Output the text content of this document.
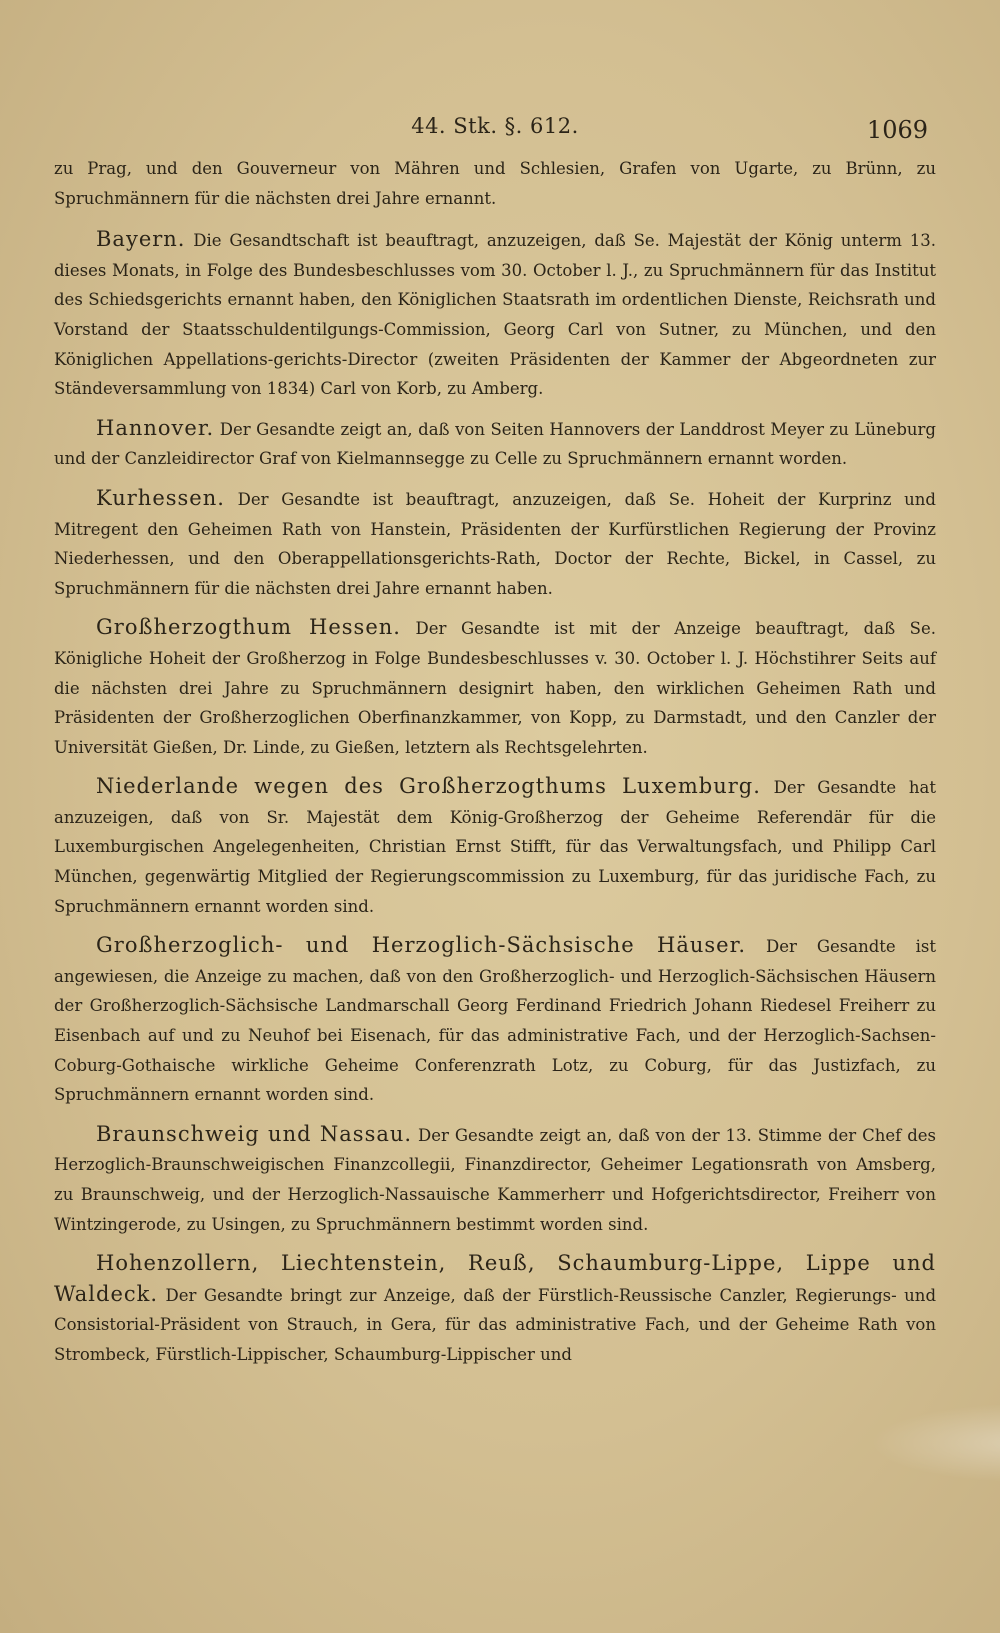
44. Stk. §. 612.	1069

zu Prag, und den Gouverneur von Mähren und Schlesien, Grafen von Ugarte, zu Brünn, zu Spruchmännern für die nächsten drei Jahre ernannt.

Bayern. Die Gesandtschaft ist beauftragt, anzuzeigen, daß Se. Majestät der König unterm 13. dieses Monats, in Folge des Bundesbeschlusses vom 30. October l. J., zu Spruchmännern für das Institut des Schiedsgerichts ernannt haben, den Königlichen Staatsrath im ordentlichen Dienste, Reichsrath und Vorstand der Staatsschuldentilgungs-Commission, Georg Carl von Sutner, zu München, und den Königlichen Appellations-gerichts-Director (zweiten Präsidenten der Kammer der Abgeordneten zur Ständeversammlung von 1834) Carl von Korb, zu Amberg.

Hannover. Der Gesandte zeigt an, daß von Seiten Hannovers der Landdrost Meyer zu Lüneburg und der Canzleidirector Graf von Kielmannsegge zu Celle zu Spruchmännern ernannt worden.

Kurhessen. Der Gesandte ist beauftragt, anzuzeigen, daß Se. Hoheit der Kurprinz und Mitregent den Geheimen Rath von Hanstein, Präsidenten der Kurfürstlichen Regierung der Provinz Niederhessen, und den Oberappellationsgerichts-Rath, Doctor der Rechte, Bickel, in Cassel, zu Spruchmännern für die nächsten drei Jahre ernannt haben.

Großherzogthum Hessen. Der Gesandte ist mit der Anzeige beauftragt, daß Se. Königliche Hoheit der Großherzog in Folge Bundesbeschlusses v. 30. October l. J. Höchstihrer Seits auf die nächsten drei Jahre zu Spruchmännern designirt haben, den wirklichen Geheimen Rath und Präsidenten der Großherzoglichen Oberfinanzkammer, von Kopp, zu Darmstadt, und den Canzler der Universität Gießen, Dr. Linde, zu Gießen, letztern als Rechtsgelehrten.

Niederlande wegen des Großherzogthums Luxemburg. Der Gesandte hat anzuzeigen, daß von Sr. Majestät dem König-Großherzog der Geheime Referendär für die Luxemburgischen Angelegenheiten, Christian Ernst Stifft, für das Verwaltungsfach, und Philipp Carl München, gegenwärtig Mitglied der Regierungscommission zu Luxemburg, für das juridische Fach, zu Spruchmännern ernannt worden sind.

Großherzoglich- und Herzoglich-Sächsische Häuser. Der Gesandte ist angewiesen, die Anzeige zu machen, daß von den Großherzoglich- und Herzoglich-Sächsischen Häusern der Großherzoglich-Sächsische Landmarschall Georg Ferdinand Friedrich Johann Riedesel Freiherr zu Eisenbach auf und zu Neuhof bei Eisenach, für das administrative Fach, und der Herzoglich-Sachsen-Coburg-Gothaische wirkliche Geheime Conferenzrath Lotz, zu Coburg, für das Justizfach, zu Spruchmännern ernannt worden sind.

Braunschweig und Nassau. Der Gesandte zeigt an, daß von der 13. Stimme der Chef des Herzoglich-Braunschweigischen Finanzcollegii, Finanzdirector, Geheimer Legationsrath von Amsberg, zu Braunschweig, und der Herzoglich-Nassauische Kammerherr und Hofgerichtsdirector, Freiherr von Wintzingerode, zu Usingen, zu Spruchmännern bestimmt worden sind.

Hohenzollern, Liechtenstein, Reuß, Schaumburg-Lippe, Lippe und Waldeck. Der Gesandte bringt zur Anzeige, daß der Fürstlich-Reussische Canzler, Regierungs- und Consistorial-Präsident von Strauch, in Gera, für das administrative Fach, und der Geheime Rath von Strombeck, Fürstlich-Lippischer, Schaumburg-Lippischer und
